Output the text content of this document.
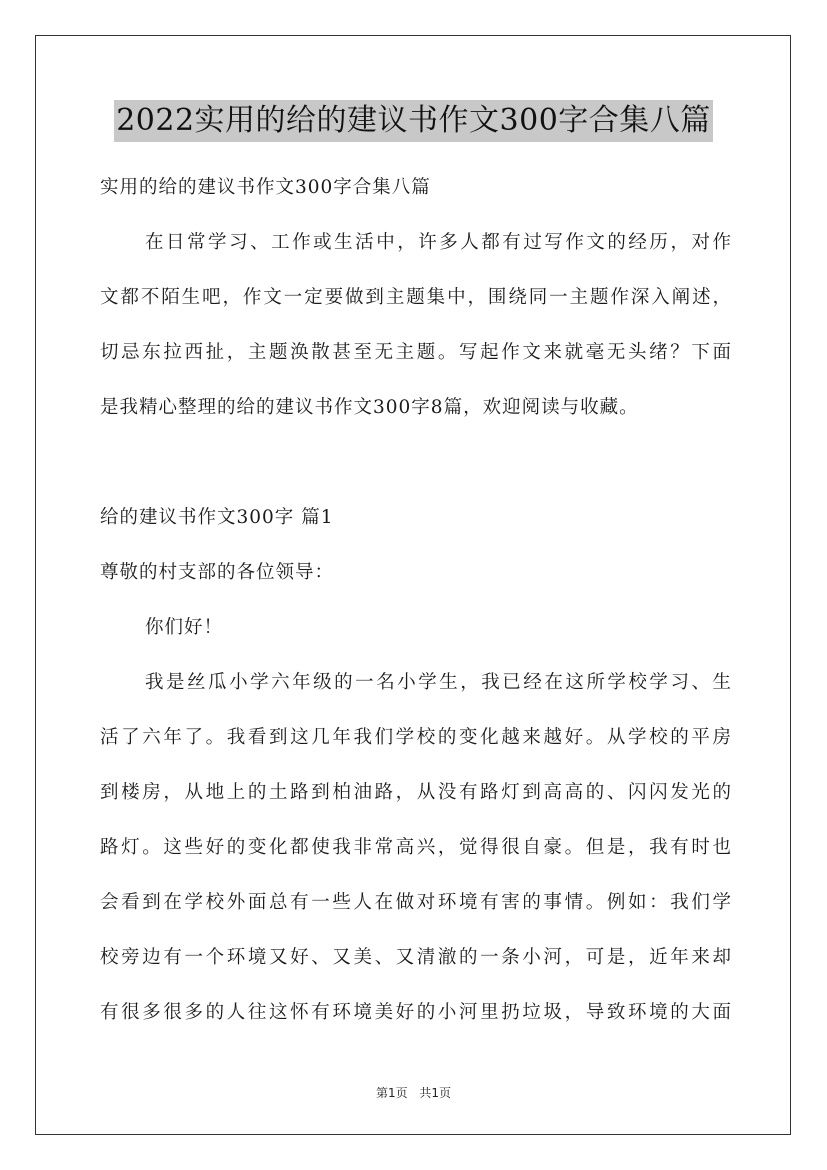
2022实用的给的建议书作文300字合集八篇
实用的给的建议书作文300字合集八篇
在日常学习、工作或生活中，许多人都有过写作文的经历，对作
文都不陌生吧，作文一定要做到主题集中，围绕同一主题作深入阐述，
切忌东拉西扯，主题涣散甚至无主题。写起作文来就毫无头绪？下面
是我精心整理的给的建议书作文300字8篇，欢迎阅读与收藏。
给的建议书作文300字 篇1
尊敬的村支部的各位领导：
你们好！
我是丝瓜小学六年级的一名小学生，我已经在这所学校学习、生
活了六年了。我看到这几年我们学校的变化越来越好。从学校的平房
到楼房，从地上的土路到柏油路，从没有路灯到高高的、闪闪发光的
路灯。这些好的变化都使我非常高兴，觉得很自豪。但是，我有时也
会看到在学校外面总有一些人在做对环境有害的事情。例如：我们学
校旁边有一个环境又好、又美、又清澈的一条小河，可是，近年来却
有很多很多的人往这怀有环境美好的小河里扔垃圾，导致环境的大面
第1页 共1页
